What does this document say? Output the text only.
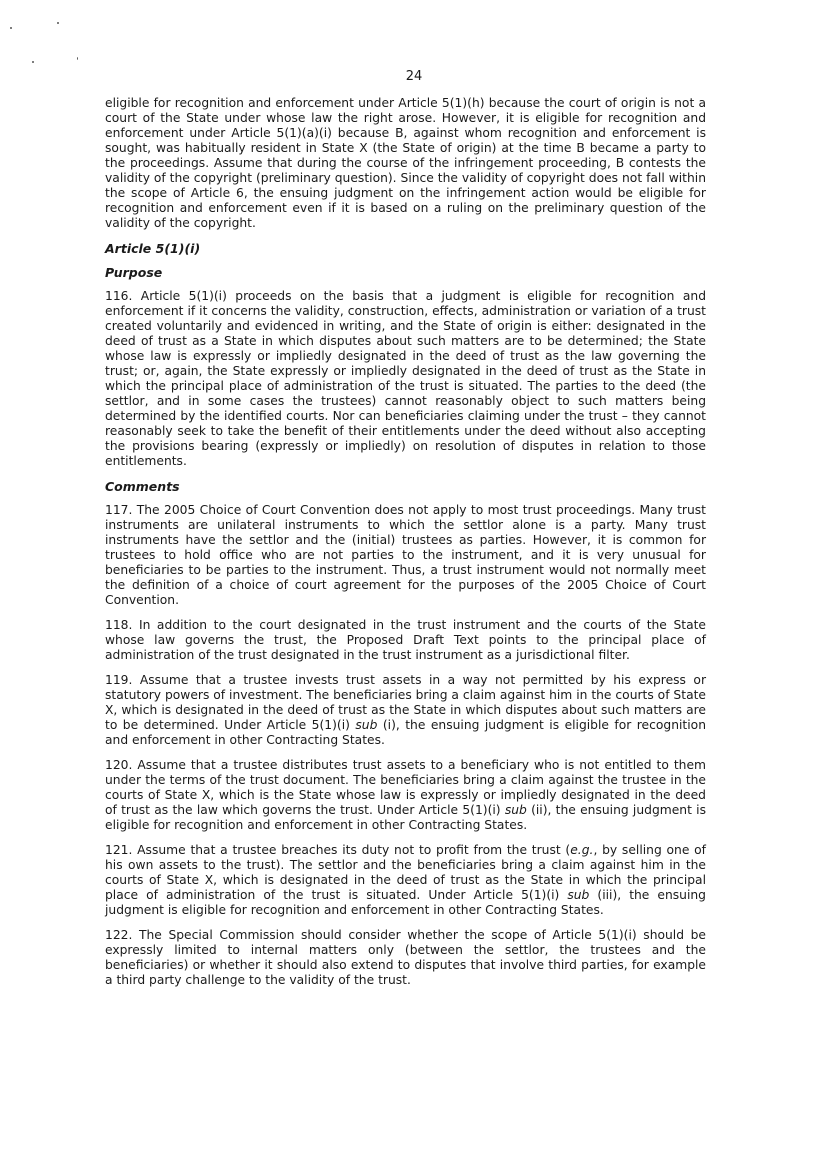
24

eligible for recognition and enforcement under Article 5(1)(h) because the court of origin is not a court of the State under whose law the right arose. However, it is eligible for recognition and enforcement under Article 5(1)(a)(i) because B, against whom recognition and enforcement is sought, was habitually resident in State X (the State of origin) at the time B became a party to the proceedings. Assume that during the course of the infringement proceeding, B contests the validity of the copyright (preliminary question). Since the validity of copyright does not fall within the scope of Article 6, the ensuing judgment on the infringement action would be eligible for recognition and enforcement even if it is based on a ruling on the preliminary question of the validity of the copyright.

Article 5(1)(i)
Purpose

116. Article 5(1)(i) proceeds on the basis that a judgment is eligible for recognition and enforcement if it concerns the validity, construction, effects, administration or variation of a trust created voluntarily and evidenced in writing, and the State of origin is either: designated in the deed of trust as a State in which disputes about such matters are to be determined; the State whose law is expressly or impliedly designated in the deed of trust as the law governing the trust; or, again, the State expressly or impliedly designated in the deed of trust as the State in which the principal place of administration of the trust is situated. The parties to the deed (the settlor, and in some cases the trustees) cannot reasonably object to such matters being determined by the identified courts. Nor can beneficiaries claiming under the trust – they cannot reasonably seek to take the benefit of their entitlements under the deed without also accepting the provisions bearing (expressly or impliedly) on resolution of disputes in relation to those entitlements.

Comments

117. The 2005 Choice of Court Convention does not apply to most trust proceedings. Many trust instruments are unilateral instruments to which the settlor alone is a party. Many trust instruments have the settlor and the (initial) trustees as parties. However, it is common for trustees to hold office who are not parties to the instrument, and it is very unusual for beneficiaries to be parties to the instrument. Thus, a trust instrument would not normally meet the definition of a choice of court agreement for the purposes of the 2005 Choice of Court Convention.

118. In addition to the court designated in the trust instrument and the courts of the State whose law governs the trust, the Proposed Draft Text points to the principal place of administration of the trust designated in the trust instrument as a jurisdictional filter.

119. Assume that a trustee invests trust assets in a way not permitted by his express or statutory powers of investment. The beneficiaries bring a claim against him in the courts of State X, which is designated in the deed of trust as the State in which disputes about such matters are to be determined. Under Article 5(1)(i) sub (i), the ensuing judgment is eligible for recognition and enforcement in other Contracting States.

120. Assume that a trustee distributes trust assets to a beneficiary who is not entitled to them under the terms of the trust document. The beneficiaries bring a claim against the trustee in the courts of State X, which is the State whose law is expressly or impliedly designated in the deed of trust as the law which governs the trust. Under Article 5(1)(i) sub (ii), the ensuing judgment is eligible for recognition and enforcement in other Contracting States.

121. Assume that a trustee breaches its duty not to profit from the trust (e.g., by selling one of his own assets to the trust). The settlor and the beneficiaries bring a claim against him in the courts of State X, which is designated in the deed of trust as the State in which the principal place of administration of the trust is situated. Under Article 5(1)(i) sub (iii), the ensuing judgment is eligible for recognition and enforcement in other Contracting States.

122. The Special Commission should consider whether the scope of Article 5(1)(i) should be expressly limited to internal matters only (between the settlor, the trustees and the beneficiaries) or whether it should also extend to disputes that involve third parties, for example a third party challenge to the validity of the trust.
